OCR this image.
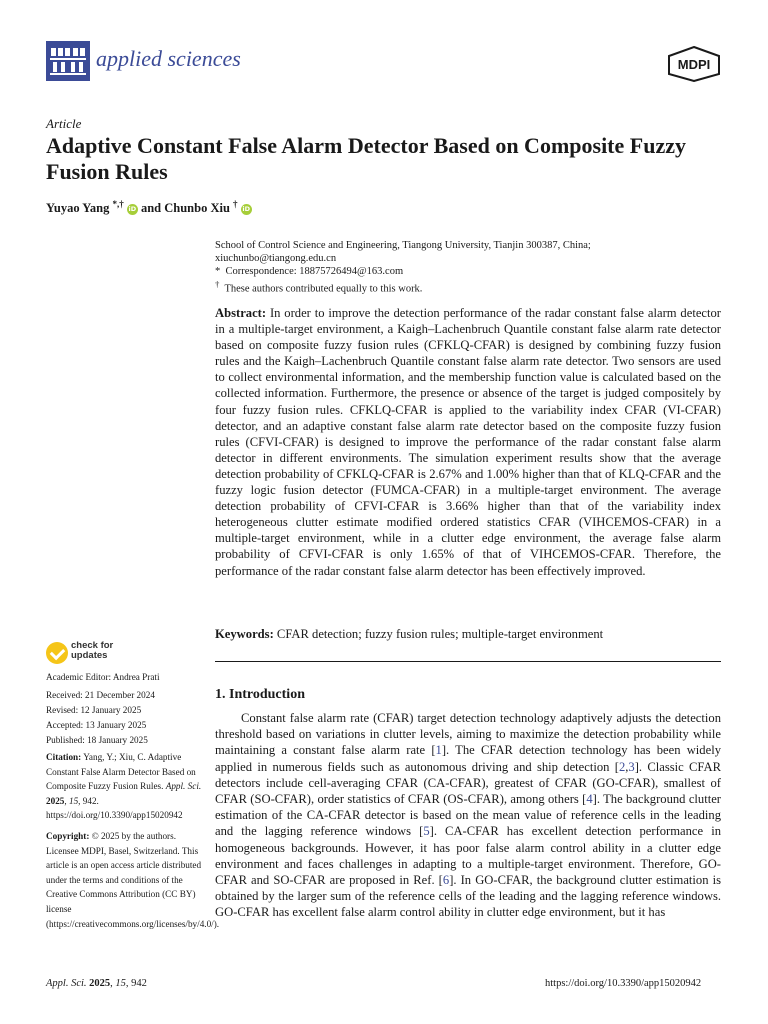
applied sciences	MDPI
Article
Adaptive Constant False Alarm Detector Based on Composite Fuzzy Fusion Rules
Yuyao Yang *,† iD and Chunbo Xiu † iD
School of Control Science and Engineering, Tiangong University, Tianjin 300387, China;
xiuchunbo@tiangong.edu.cn
* Correspondence: 18875726494@163.com
† These authors contributed equally to this work.

Abstract: In order to improve the detection performance of the radar constant false alarm detector in a multiple-target environment, a Kaigh–Lachenbruch Quantile constant false alarm rate detector based on composite fuzzy fusion rules (CFKLQ-CFAR) is designed by combining fuzzy fusion rules and the Kaigh–Lachenbruch Quantile constant false alarm rate detector. Two sensors are used to collect environmental information, and the membership function value is calculated based on the collected information. Furthermore, the presence or absence of the target is judged compositely by four fuzzy fusion rules. CFKLQ-CFAR is applied to the variability index CFAR (VI-CFAR) detector, and an adaptive constant false alarm rate detector based on the composite fuzzy fusion rules (CFVI-CFAR) is designed to improve the performance of the radar constant false alarm detector in different environments. The simulation experiment results show that the average detection probability of CFKLQ-CFAR is 2.67% and 1.00% higher than that of KLQ-CFAR and the fuzzy logic fusion detector (FUMCA-CFAR) in a multiple-target environment. The average detection probability of CFVI-CFAR is 3.66% higher than that of the variability index heterogeneous clutter estimate modified ordered statistics CFAR (VIHCEMOS-CFAR) in a multiple-target environment, while in a clutter edge environment, the average false alarm probability of CFVI-CFAR is only 1.65% of that of VIHCEMOS-CFAR. Therefore, the performance of the radar constant false alarm detector has been effectively improved.

Keywords: CFAR detection; fuzzy fusion rules; multiple-target environment
1. Introduction

Constant false alarm rate (CFAR) target detection technology adaptively adjusts the detection threshold based on variations in clutter levels, aiming to maximize the detection probability while maintaining a constant false alarm rate [1]. The CFAR detection technology has been widely applied in numerous fields such as autonomous driving and ship detection [2,3]. Classic CFAR detectors include cell-averaging CFAR (CA-CFAR), greatest of CFAR (GO-CFAR), smallest of CFAR (SO-CFAR), order statistics of CFAR (OS-CFAR), among others [4]. The background clutter estimation of the CA-CFAR detector is based on the mean value of reference cells in the leading and the lagging reference windows [5]. CA-CFAR has excellent detection performance in homogeneous backgrounds. However, it has poor false alarm control ability in a clutter edge environment and faces challenges in adapting to a multiple-target environment. Therefore, GO-CFAR and SO-CFAR are proposed in Ref. [6]. In GO-CFAR, the background clutter estimation is obtained by the larger sum of the reference cells of the leading and the lagging reference windows. GO-CFAR has excellent false alarm control ability in clutter edge environment, but it has

check for
updates
Academic Editor: Andrea Prati
Received: 21 December 2024
Revised: 12 January 2025
Accepted: 13 January 2025
Published: 18 January 2025
Citation: Yang, Y.; Xiu, C. Adaptive Constant False Alarm Detector Based on Composite Fuzzy Fusion Rules. Appl. Sci. 2025, 15, 942. https://doi.org/10.3390/app15020942
Copyright: © 2025 by the authors. Licensee MDPI, Basel, Switzerland. This article is an open access article distributed under the terms and conditions of the Creative Commons Attribution (CC BY) license (https://creativecommons.org/licenses/by/4.0/).
Appl. Sci. 2025, 15, 942	https://doi.org/10.3390/app15020942
